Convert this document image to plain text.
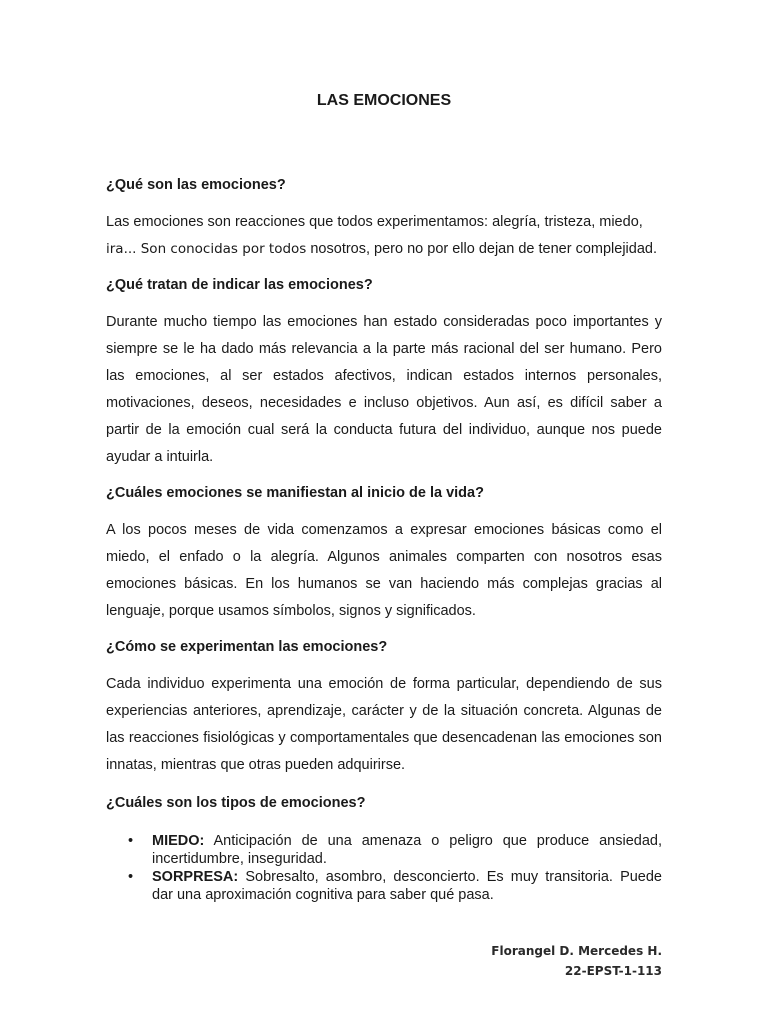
LAS EMOCIONES

¿Qué son las emociones?

Las emociones son reacciones que todos experimentamos: alegría, tristeza, miedo,
ira... Son conocidas por todos nosotros, pero no por ello dejan de tener complejidad.

¿Qué tratan de indicar las emociones?

Durante mucho tiempo las emociones han estado consideradas poco importantes y siempre se le ha dado más relevancia a la parte más racional del ser humano. Pero las emociones, al ser estados afectivos, indican estados internos personales, motivaciones, deseos, necesidades e incluso objetivos. Aun así, es difícil saber a partir de la emoción cual será la conducta futura del individuo, aunque nos puede ayudar a intuirla.

¿Cuáles emociones se manifiestan al inicio de la vida?

A los pocos meses de vida comenzamos a expresar emociones básicas como el miedo, el enfado o la alegría. Algunos animales comparten con nosotros esas emociones básicas. En los humanos se van haciendo más complejas gracias al lenguaje, porque usamos símbolos, signos y significados.

¿Cómo se experimentan las emociones?

Cada individuo experimenta una emoción de forma particular, dependiendo de sus experiencias anteriores, aprendizaje, carácter y de la situación concreta. Algunas de las reacciones fisiológicas y comportamentales que desencadenan las emociones son innatas, mientras que otras pueden adquirirse.

¿Cuáles son los tipos de emociones?

• MIEDO: Anticipación de una amenaza o peligro que produce ansiedad, incertidumbre, inseguridad.
• SORPRESA: Sobresalto, asombro, desconcierto. Es muy transitoria. Puede dar una aproximación cognitiva para saber qué pasa.
Florangel D. Mercedes H.
22-EPST-1-113
